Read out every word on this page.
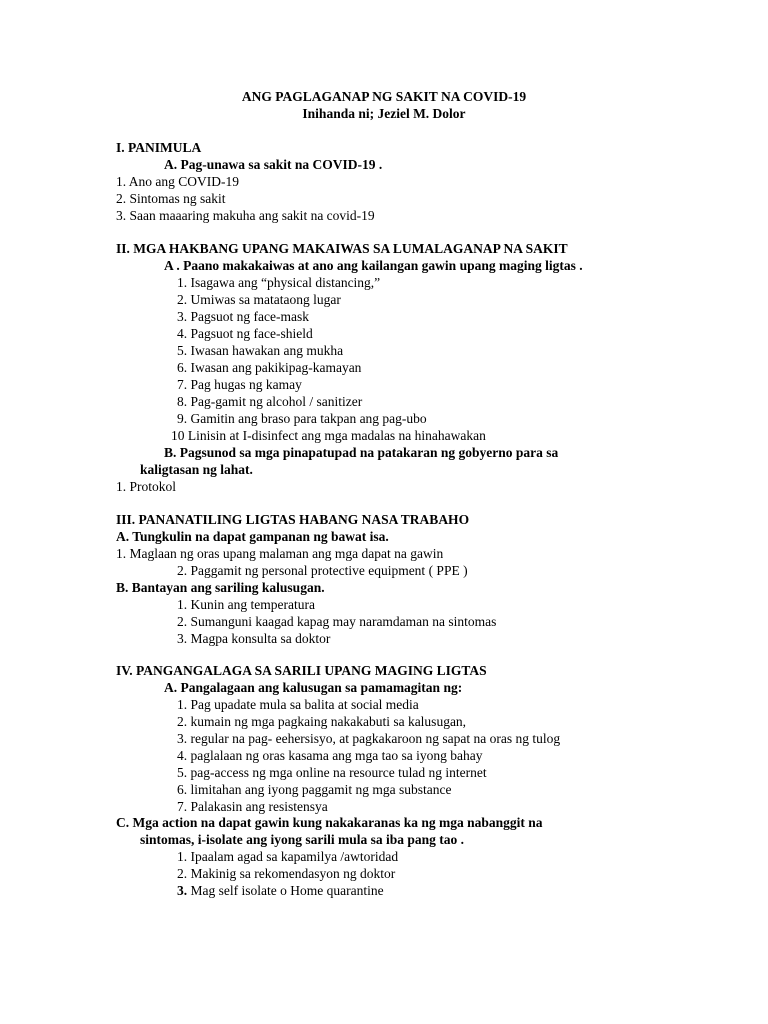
ANG PAGLAGANAP NG SAKIT NA COVID-19
Inihanda ni; Jeziel M. Dolor
I. PANIMULA
A. Pag-unawa sa sakit na COVID-19 .
1. Ano ang COVID-19
2. Sintomas ng sakit
3. Saan maaaring makuha ang sakit na covid-19
II. MGA HAKBANG UPANG MAKAIWAS SA LUMALAGANAP NA SAKIT
A . Paano makakaiwas at ano ang kailangan gawin upang maging ligtas .
1. Isagawa ang “physical distancing,”
2. Umiwas sa matataong lugar
3. Pagsuot ng face-mask
4. Pagsuot ng face-shield
5. Iwasan hawakan ang mukha
6. Iwasan ang pakikipag-kamayan
7. Pag hugas ng kamay
8. Pag-gamit ng alcohol / sanitizer
9. Gamitin ang braso para takpan ang pag-ubo
10 Linisin at I-disinfect ang mga madalas na hinahawakan
B. Pagsunod sa mga pinapatupad na patakaran ng gobyerno para sa
kaligtasan ng lahat.
1. Protokol
III. PANANATILING LIGTAS HABANG NASA TRABAHO
A. Tungkulin na dapat gampanan ng bawat isa.
1. Maglaan ng oras upang malaman ang mga dapat na gawin
2. Paggamit ng personal protective equipment ( PPE )
B. Bantayan ang sariling kalusugan.
1. Kunin ang temperatura
2. Sumanguni kaagad kapag may naramdaman na sintomas
3. Magpa konsulta sa doktor
IV. PANGANGALAGA SA SARILI UPANG MAGING LIGTAS
A. Pangalagaan ang kalusugan sa pamamagitan ng:
1. Pag upadate mula sa balita at social media
2. kumain ng mga pagkaing nakakabuti sa kalusugan,
3. regular na pag- eehersisyo, at pagkakaroon ng sapat na oras ng tulog
4. paglalaan ng oras kasama ang mga tao sa iyong bahay
5. pag-access ng mga online na resource tulad ng internet
6. limitahan ang iyong paggamit ng mga substance
7. Palakasin ang resistensya
C. Mga action na dapat gawin kung nakakaranas ka ng mga nabanggit na
sintomas, i-isolate ang iyong sarili mula sa iba pang tao .
1. Ipaalam agad sa kapamilya /awtoridad
2. Makinig sa rekomendasyon ng doktor
3. Mag self isolate o Home quarantine
